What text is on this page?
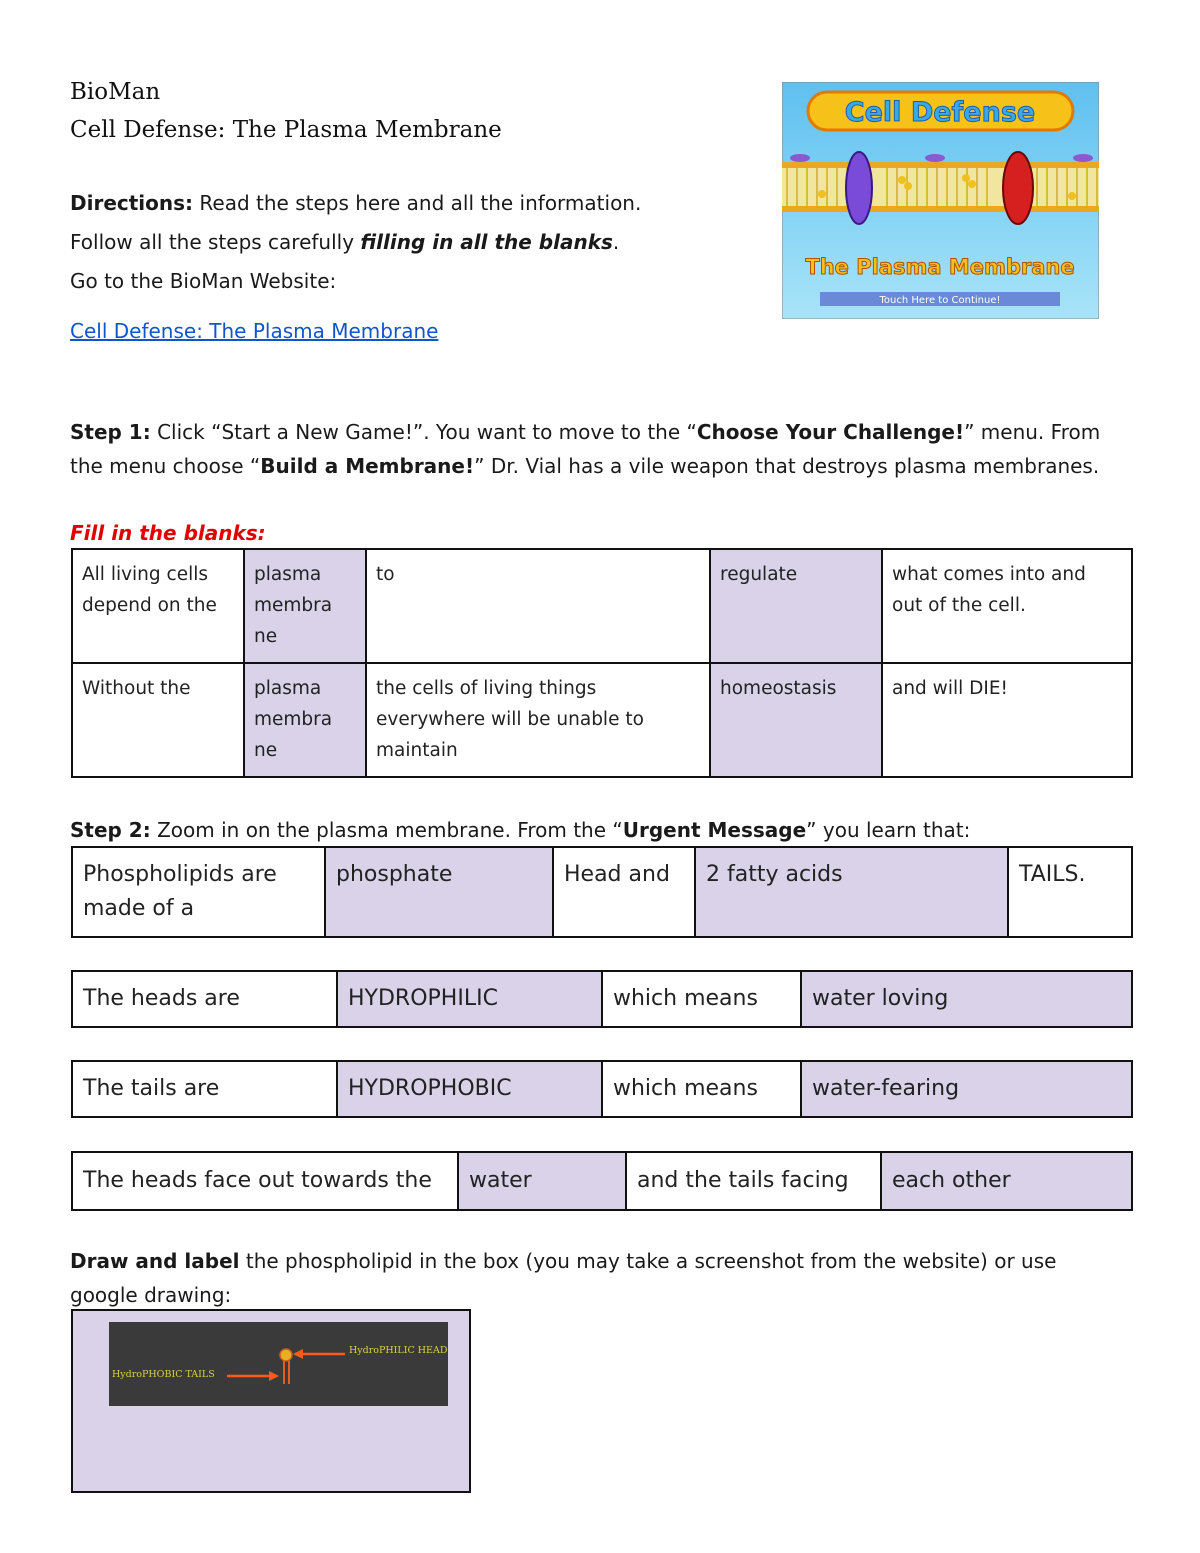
BioMan
Cell Defense: The Plasma Membrane
Directions: Read the steps here and all the information.
Follow all the steps carefully filling in all the blanks.
Go to the BioMan Website:
Cell Defense: The Plasma Membrane
Cell Defense
The Plasma Membrane
Touch Here to Continue!
Step 1: Click “Start a New Game!”. You want to move to the “Choose Your Challenge!” menu. From the menu choose “Build a Membrane!” Dr. Vial has a vile weapon that destroys plasma membranes.
Fill in the blanks:
All living cells depend on the	plasma membra ne	to	regulate	what comes into and out of the cell.
Without the	plasma membra ne	the cells of living things everywhere will be unable to maintain	homeostasis	and will DIE!
Step 2: Zoom in on the plasma membrane. From the “Urgent Message” you learn that:
Phospholipids are made of a	phosphate	Head and	2 fatty acids	TAILS.
The heads are	HYDROPHILIC	which means	water loving
The tails are	HYDROPHOBIC	which means	water-fearing
The heads face out towards the	water	and the tails facing	each other
Draw and label the phospholipid in the box (you may take a screenshot from the website) or use google drawing:
HydroPHILIC HEAD
HydroPHOBIC TAILS
